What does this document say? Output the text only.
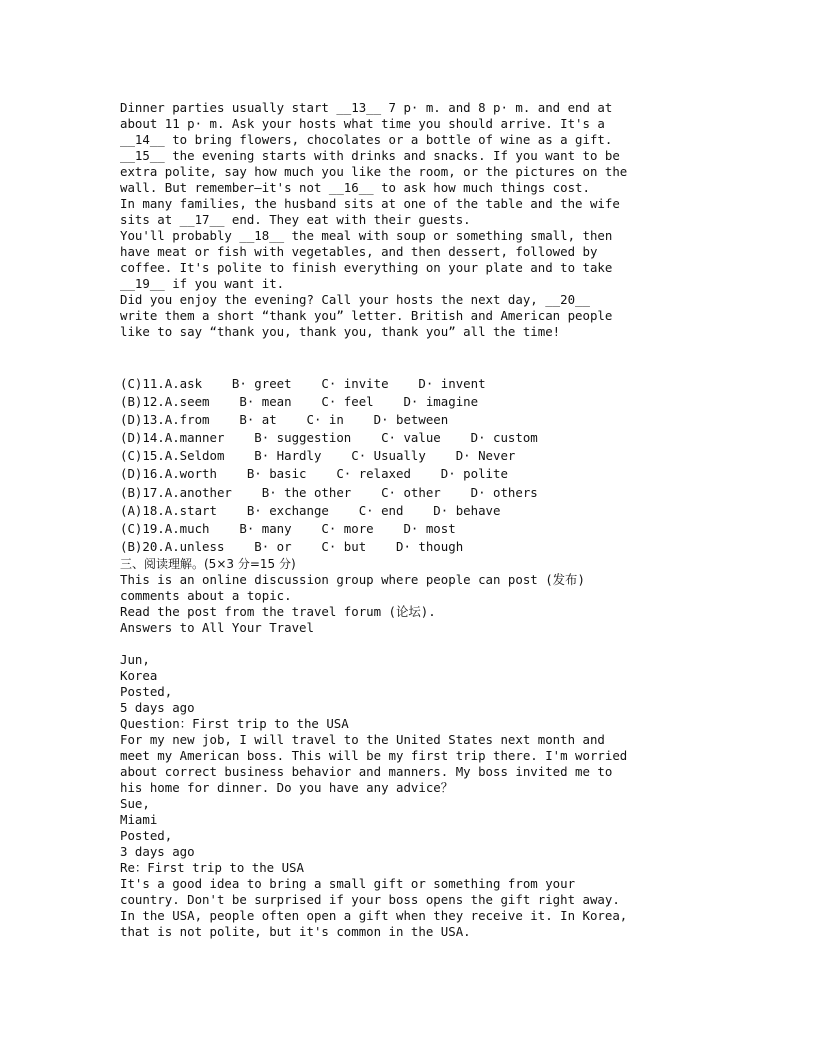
Dinner parties usually start __13__ 7 p· m. and 8 p· m. and end at
about 11 p· m. Ask your hosts what time you should arrive. It's a
__14__ to bring flowers, chocolates or a bottle of wine as a gift.
__15__ the evening starts with drinks and snacks. If you want to be
extra polite, say how much you like the room, or the pictures on the
wall. But remember—it's not __16__ to ask how much things cost.
In many families, the husband sits at one of the table and the wife
sits at __17__ end. They eat with their guests.
You'll probably __18__ the meal with soup or something small, then
have meat or fish with vegetables, and then dessert, followed by
coffee. It's polite to finish everything on your plate and to take
__19__ if you want it.
Did you enjoy the evening? Call your hosts the next day, __20__
write them a short “thank you” letter. British and American people
like to say “thank you, thank you, thank you” all the time!
(C)11.A.ask    B· greet    C· invite    D· invent
(B)12.A.seem    B· mean    C· feel    D· imagine
(D)13.A.from    B· at    C· in    D· between
(D)14.A.manner    B· suggestion    C· value    D· custom
(C)15.A.Seldom    B· Hardly    C· Usually    D· Never
(D)16.A.worth    B· basic    C· relaxed    D· polite
(B)17.A.another    B· the other    C· other    D· others
(A)18.A.start    B· exchange    C· end    D· behave
(C)19.A.much    B· many    C· more    D· most
(B)20.A.unless    B· or    C· but    D· though
三、阅读理解。(5×3 分=15 分)
This is an online discussion group where people can post (发布)
comments about a topic.
Read the post from the travel forum (论坛).
Answers to All Your Travel
Jun,
Korea
Posted,
5 days ago
Question：First trip to the USA
For my new job, I will travel to the United States next month and
meet my American boss. This will be my first trip there. I'm worried
about correct business behavior and manners. My boss invited me to
his home for dinner. Do you have any advice？
Sue,
Miami
Posted,
3 days ago
Re：First trip to the USA
It's a good idea to bring a small gift or something from your
country. Don't be surprised if your boss opens the gift right away.
In the USA, people often open a gift when they receive it. In Korea,
that is not polite, but it's common in the USA.
